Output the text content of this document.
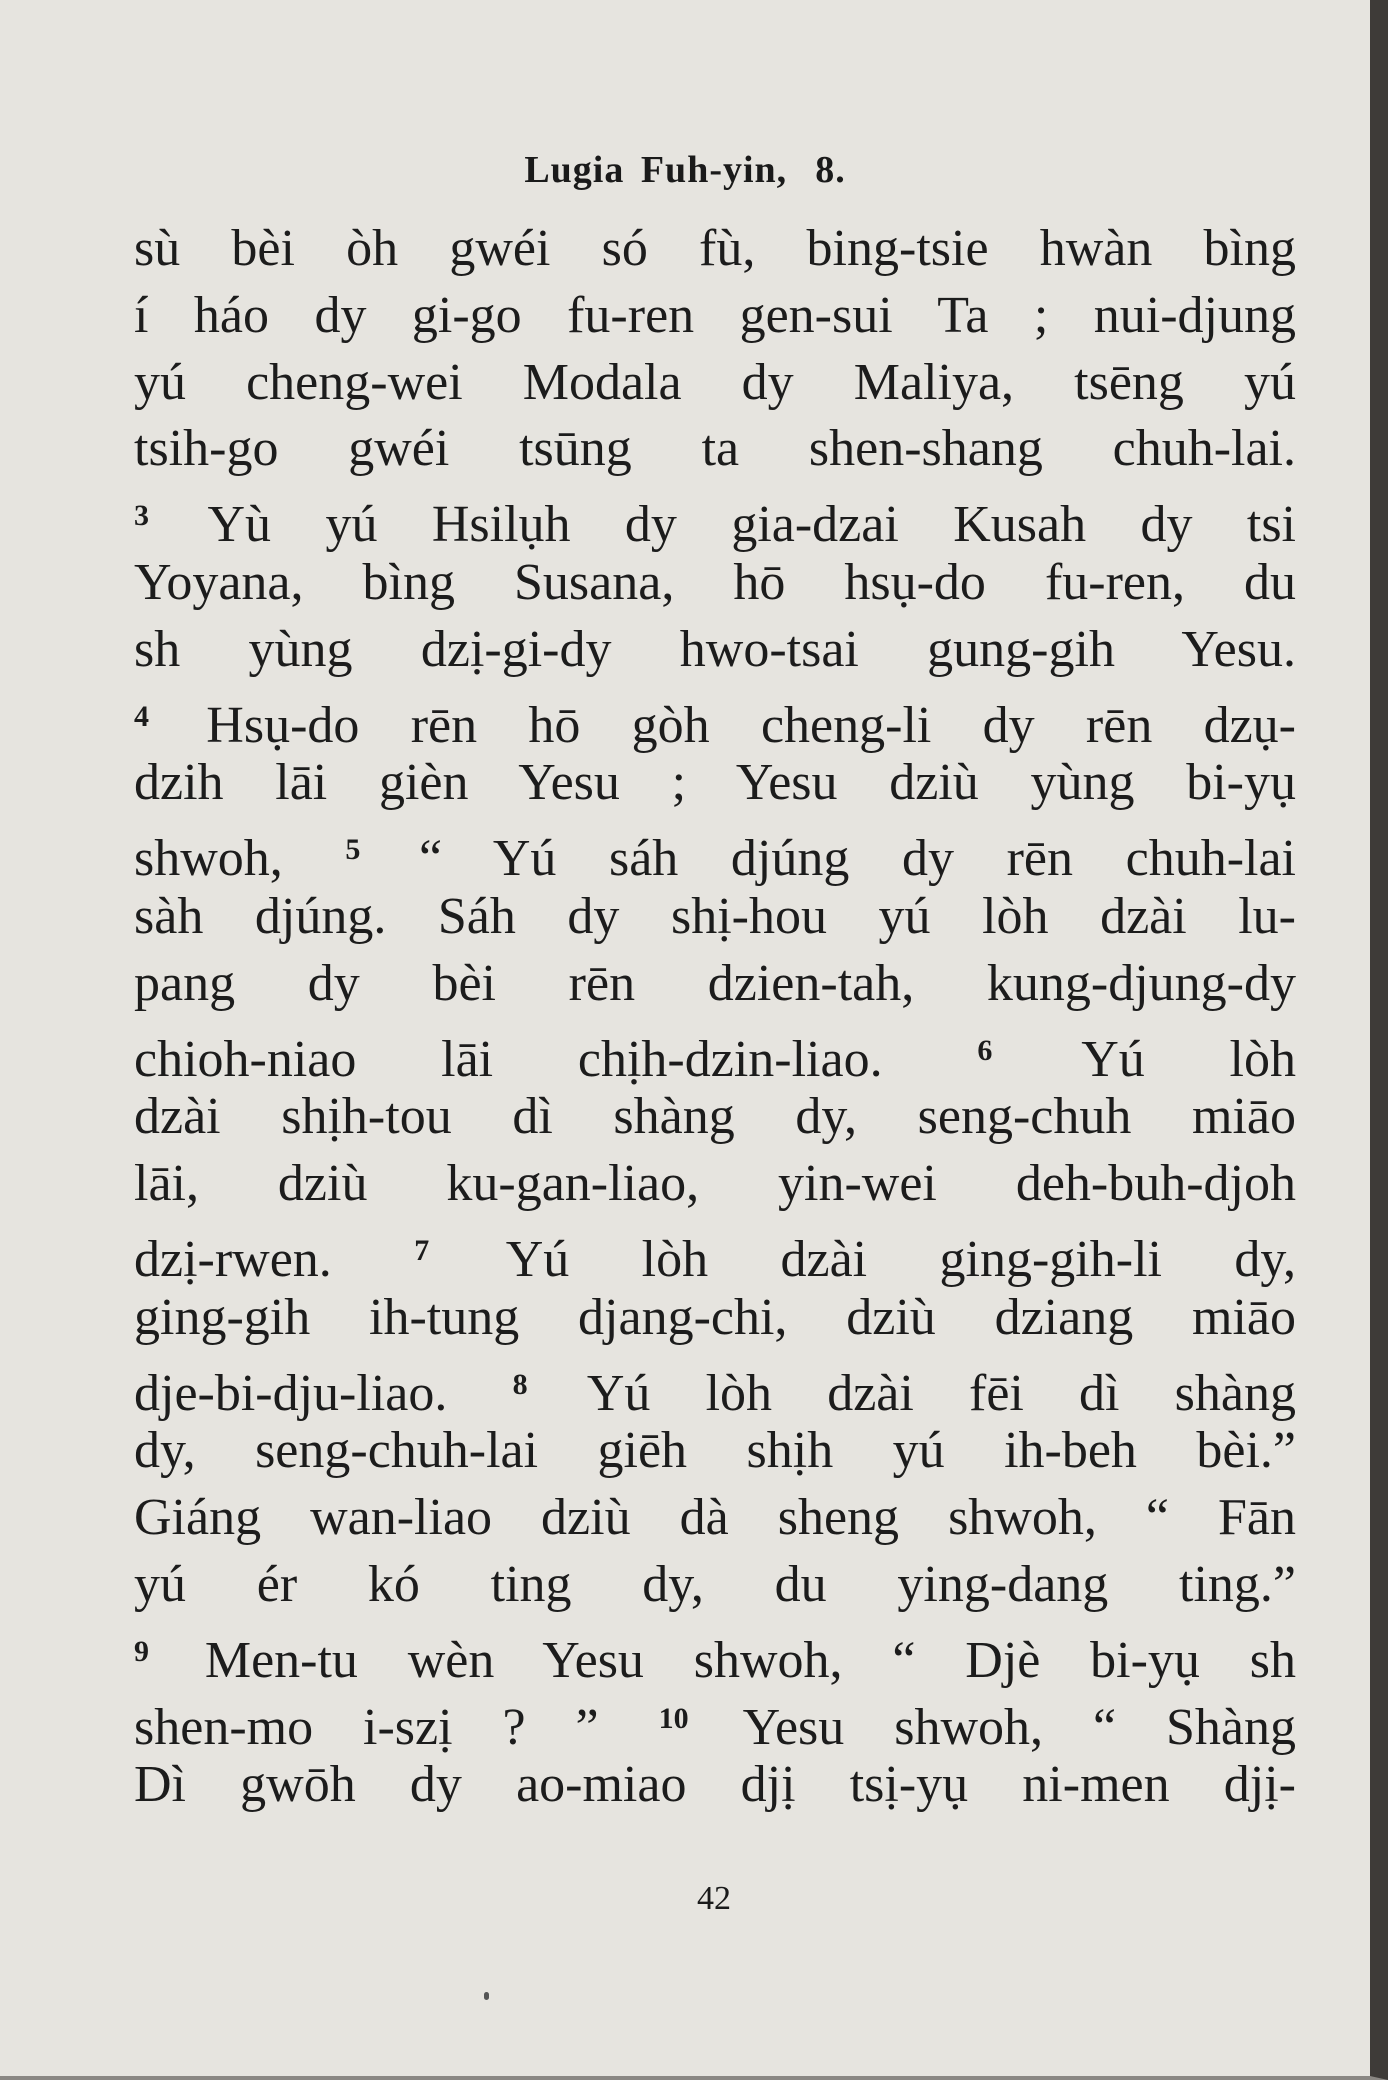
Lugia Fuh-yin, 8.
sù bèi òh gwéi só fù, bing-tsie hwàn bìng
í háo dy gi-go fu-ren gen-sui Ta ; nui-djung
yú cheng-wei Modala dy Maliya, tsēng yú
tsih-go gwéi tsūng ta shen-shang chuh-lai.
$^3$ Yù yú Hsilụh dy gia-dzai Kusah dy tsi
Yoyana, bìng Susana, hō hsụ-do fu-ren, du
sh yùng dzị-gi-dy hwo-tsai gung-gih Yesu.
$^4$ Hsụ-do rēn hō gòh cheng-li dy rēn dzụ-
dzih lāi gièn Yesu ; Yesu dziù yùng bi-yụ
shwoh, $^5$ “ Yú sáh djúng dy rēn chuh-lai
sàh djúng. Sáh dy shị-hou yú lòh dzài lu-
pang dy bèi rēn dzien-tah, kung-djung-dy
chioh-niao lāi chịh-dzin-liao.	$^6$ Yú lòh
dzài shịh-tou dì shàng dy, seng-chuh miāo
lāi, dziù ku-gan-liao, yin-wei deh-buh-djoh
dzị-rwen.	$^7$ Yú lòh dzài ging-gih-li dy,
ging-gih ih-tung djang-chi, dziù dziang miāo
dje-bi-dju-liao. $^8$ Yú lòh dzài fēi dì shàng
dy, seng-chuh-lai giēh shịh yú ih-beh bèi.”
Giáng wan-liao dziù dà sheng shwoh, “ Fān
yú ér kó ting dy, du ying-dang ting.”
$^9$ Men-tu wèn Yesu shwoh, “ Djè bi-yụ sh
shen-mo i-szị ? ” $^{10}$ Yesu shwoh, “ Shàng
Dì gwōh dy ao-miao djị tsị-yụ ni-men djị-
42
